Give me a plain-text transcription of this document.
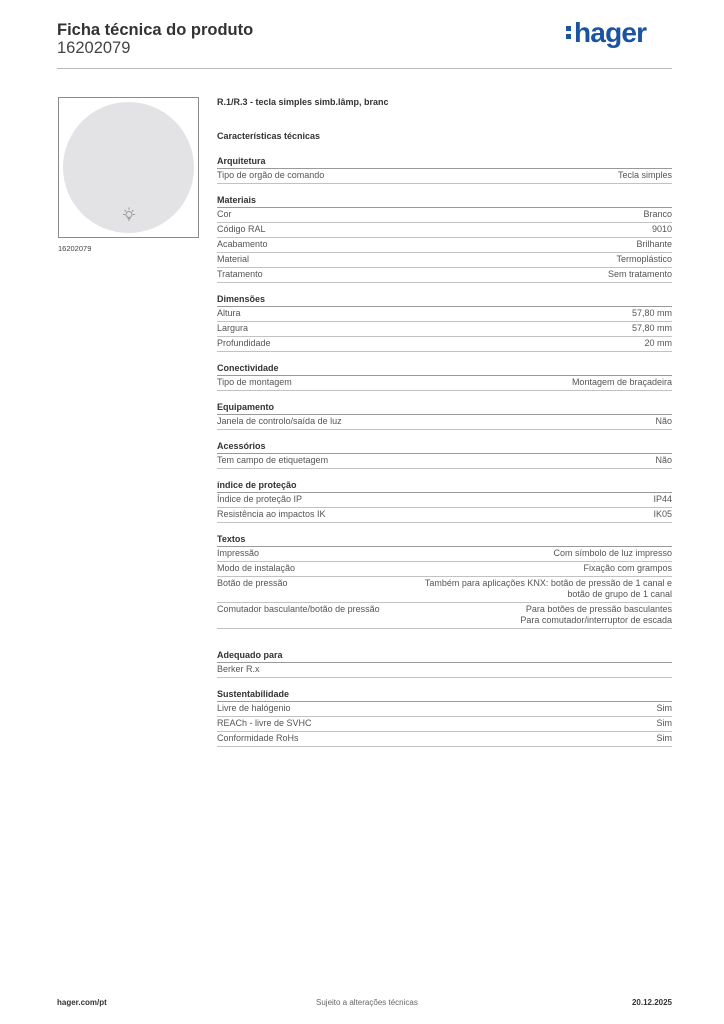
Ficha técnica do produto
16202079	hager
16202079
R.1/R.3 - tecla simples simb.lâmp, branc
Características técnicas
Arquitetura
Tipo de orgão de comando	Tecla simples
Materiais
Cor	Branco
Código RAL	9010
Acabamento	Brilhante
Material	Termoplástico
Tratamento	Sem tratamento
Dimensões
Altura	57,80 mm
Largura	57,80 mm
Profundidade	20 mm
Conectividade
Tipo de montagem	Montagem de braçadeira
Equipamento
Janela de controlo/saída de luz	Não
Acessórios
Tem campo de etiquetagem	Não
índice de proteção
Índice de proteção IP	IP44
Resistência ao impactos IK	IK05
Textos
Impressão	Com símbolo de luz impresso
Modo de instalação	Fixação com grampos
Botão de pressão	Também para aplicações KNX: botão de pressão de 1 canal e
botão de grupo de 1 canal
Comutador basculante/botão de pressão	Para botões de pressão basculantes
Para comutador/interruptor de escada
Adequado para
Berker R.x
Sustentabilidade
Livre de halógenio	Sim
REACh - livre de SVHC	Sim
Conformidade RoHs	Sim
hager.com/pt	Sujeito a alterações técnicas	20.12.2025
